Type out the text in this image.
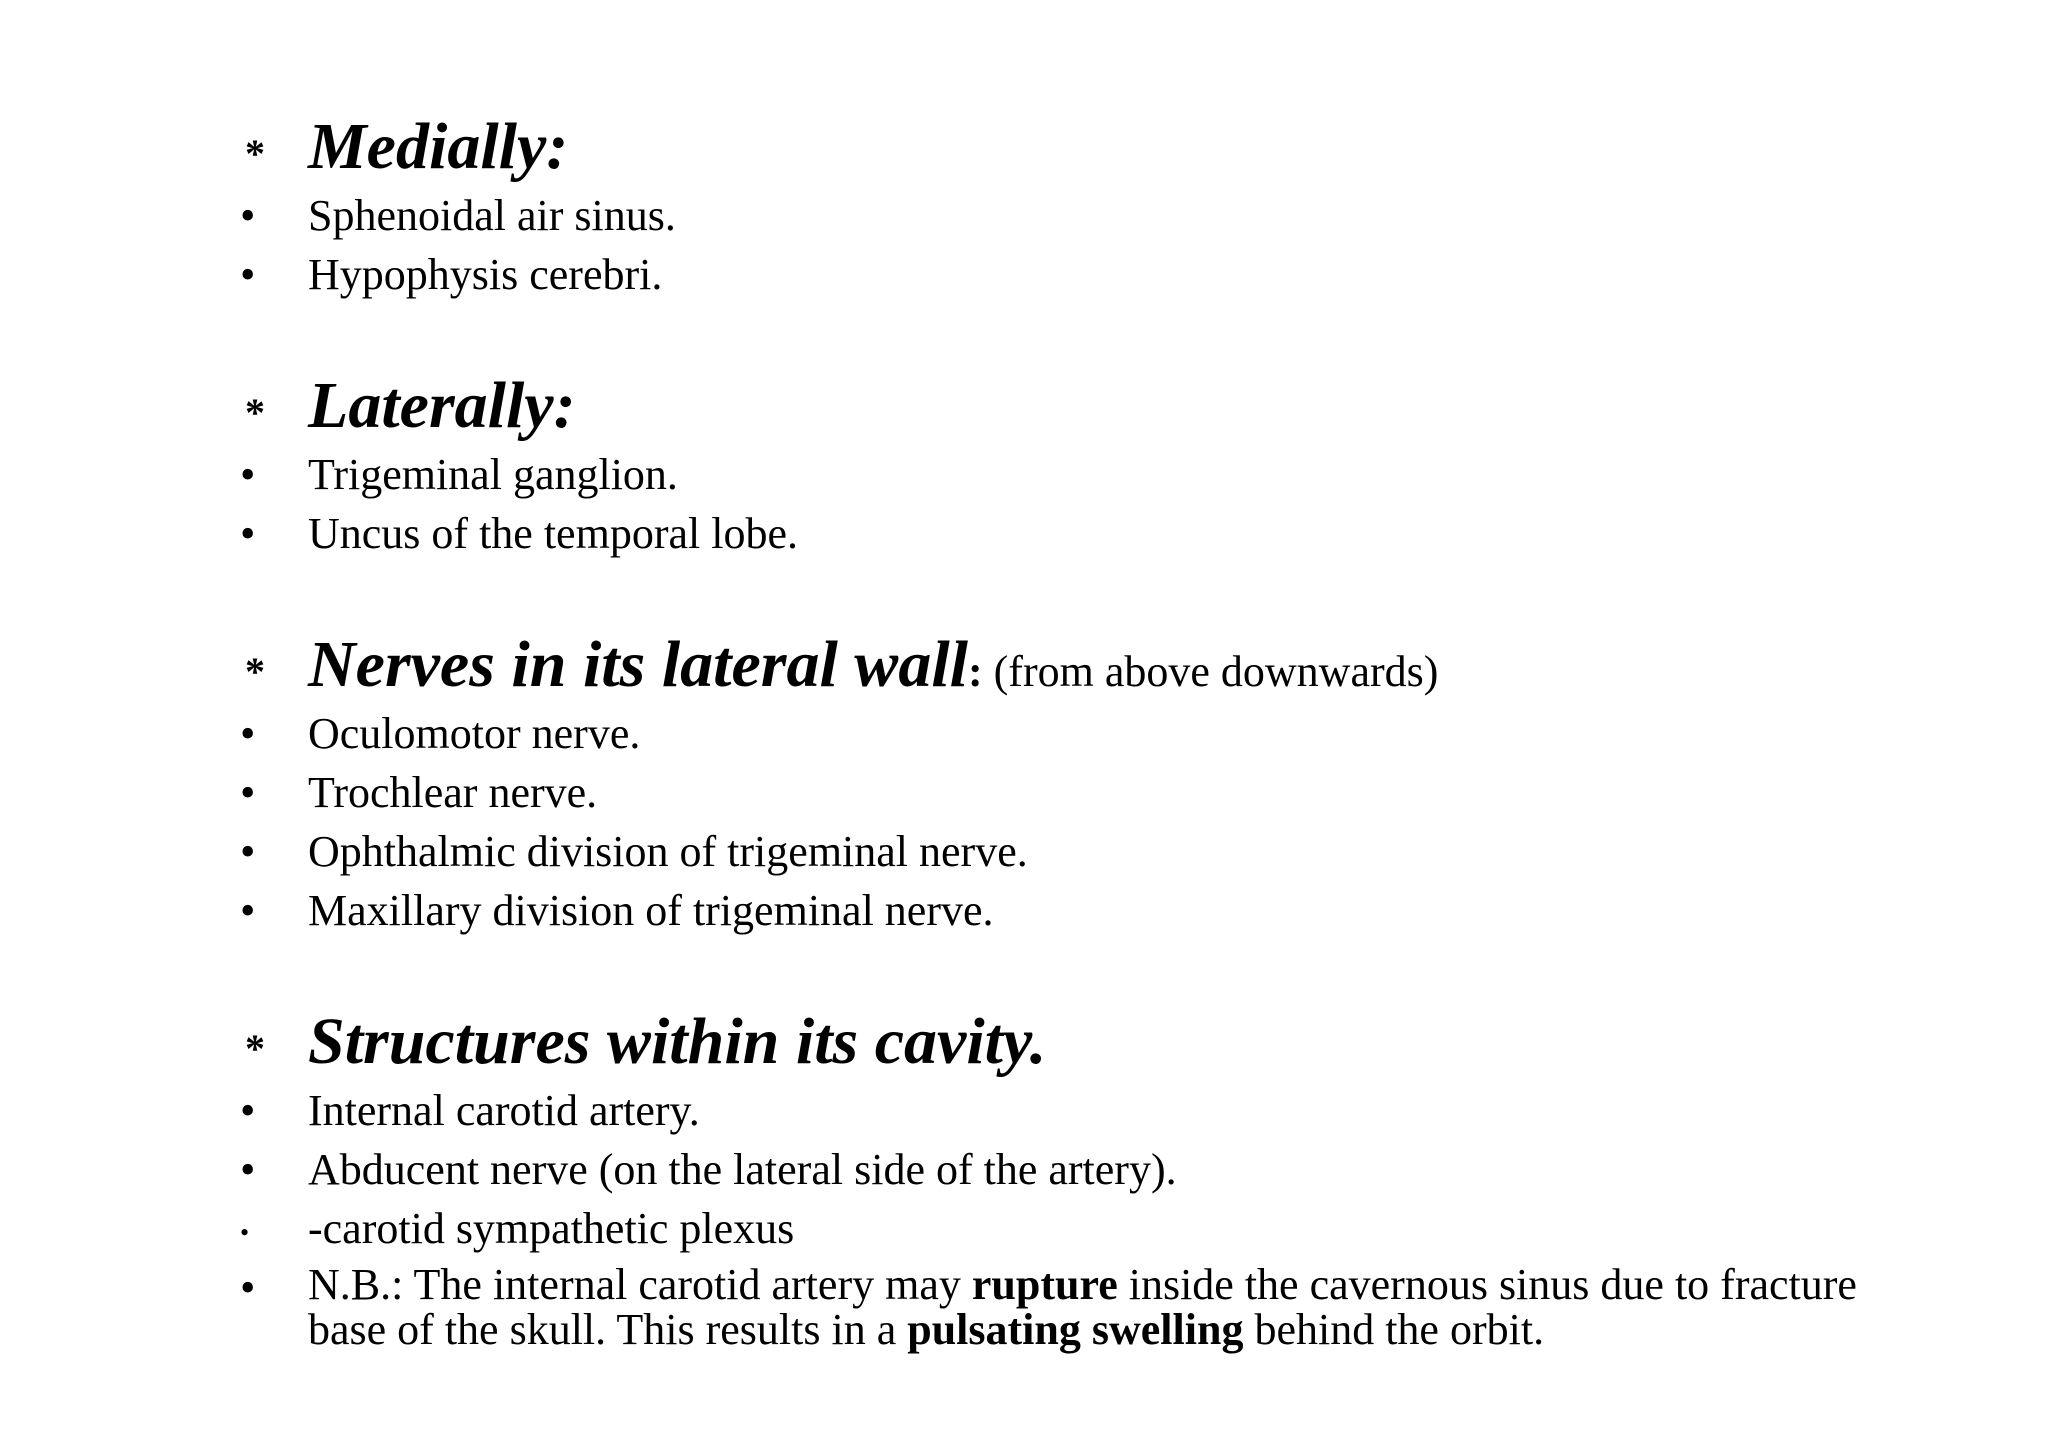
* Medially:
• Sphenoidal air sinus.
• Hypophysis cerebri.
* Laterally:
• Trigeminal ganglion.
• Uncus of the temporal lobe.
* Nerves in its lateral wall: (from above downwards)
• Oculomotor nerve.
• Trochlear nerve.
• Ophthalmic division of trigeminal nerve.
• Maxillary division of trigeminal nerve.
* Structures within its cavity.
• Internal carotid artery.
• Abducent nerve (on the lateral side of the artery).
• -carotid sympathetic plexus
• N.B.: The internal carotid artery may rupture inside the cavernous sinus due to fracture base of the skull. This results in a pulsating swelling behind the orbit.
